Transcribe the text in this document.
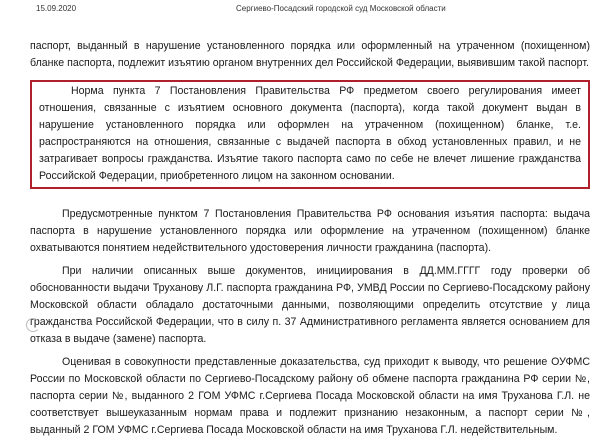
15.09.2020	Сергиево-Посадский городской суд Московской области

паспорт, выданный в нарушение установленного порядка или оформленный на утраченном (похищенном) бланке паспорта, подлежит изъятию органом внутренних дел Российской Федерации, выявившим такой паспорт.

Норма пункта 7 Постановления Правительства РФ предметом своего регулирования имеет отношения, связанные с изъятием основного документа (паспорта), когда такой документ выдан в нарушение установленного порядка или оформлен на утраченном (похищенном) бланке, т.е. распространяются на отношения, связанные с выдачей паспорта в обход установленных правил, и не затрагивает вопросы гражданства. Изъятие такого паспорта само по себе не влечет лишение гражданства Российской Федерации, приобретенного лицом на законном основании.

Предусмотренные пунктом 7 Постановления Правительства РФ основания изъятия паспорта: выдача паспорта в нарушение установленного порядка или оформление на утраченном (похищенном) бланке охватываются понятием недействительного удостоверения личности гражданина (паспорта).

При наличии описанных выше документов, инициирования в ДД.ММ.ГГГГ году проверки об обоснованности выдачи Труханову Л.Г. паспорта гражданина РФ, УМВД России по Сергиево-Посадскому району Московской области обладало достаточными данными, позволяющими определить отсутствие у лица гражданства Российской Федерации, что в силу п. 37 Административного регламента является основанием для отказа в выдаче (замене) паспорта.

Оценивая в совокупности представленные доказательства, суд приходит к выводу, что решение ОУФМС России по Московской области по Сергиево-Посадскому району об обмене паспорта гражданина РФ серии №, паспорта серии №, выданного 2 ГОМ УФМС г.Сергиева Посада Московской области на имя Труханова Г.Л. не соответствует вышеуказанным нормам права и подлежит признанию незаконным, а паспорт серии №, выданный 2 ГОМ УФМС г.Сергиева Посада Московской области на имя Труханова Г.Л. недействительным.
